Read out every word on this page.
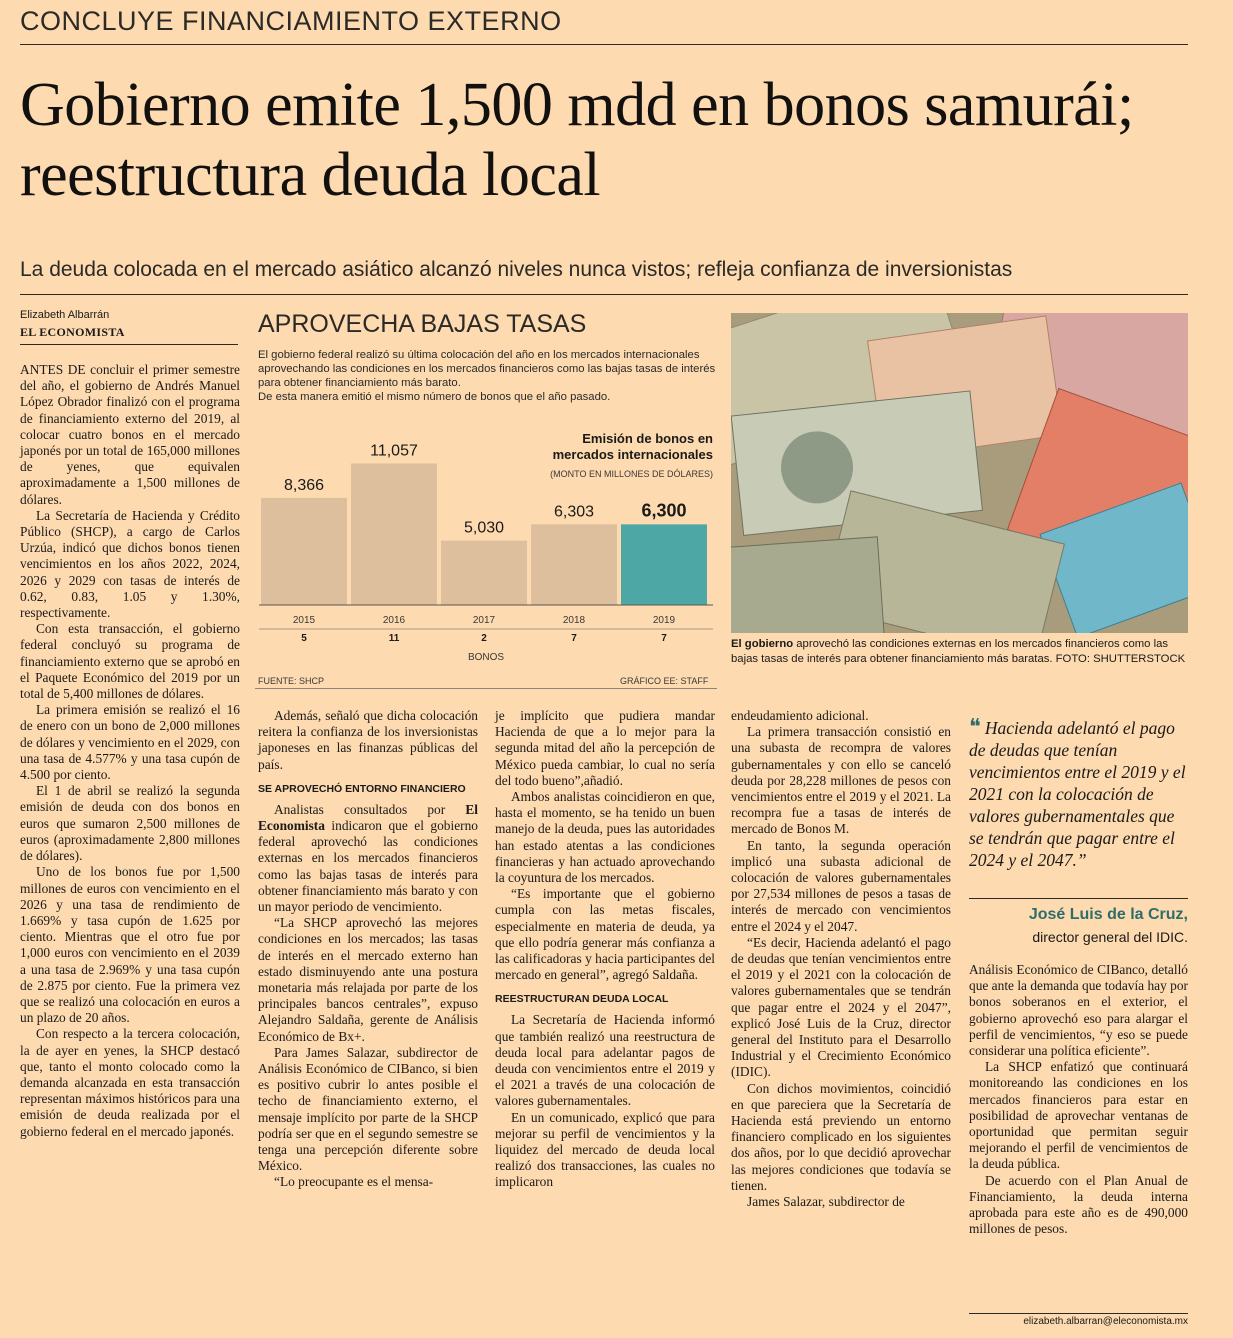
CONCLUYE FINANCIAMIENTO EXTERNO
Gobierno emite 1,500 mdd en bonos samurái; reestructura deuda local
La deuda colocada en el mercado asiático alcanzó niveles nunca vistos; refleja confianza de inversionistas
Elizabeth Albarrán
EL ECONOMISTA

ANTES DE concluir el primer semestre del año, el gobierno de Andrés Manuel López Obrador finalizó con el programa de financiamiento externo del 2019, al colocar cuatro bonos en el mercado japonés por un total de 165,000 millones de yenes, que equivalen aproximadamente a 1,500 millones de dólares.

La Secretaría de Hacienda y Crédito Público (SHCP), a cargo de Carlos Urzúa, indicó que dichos bonos tienen vencimientos en los años 2022, 2024, 2026 y 2029 con tasas de interés de 0.62, 0.83, 1.05 y 1.30%, respectivamente.

Con esta transacción, el gobierno federal concluyó su programa de financiamiento externo que se aprobó en el Paquete Económico del 2019 por un total de 5,400 millones de dólares.

La primera emisión se realizó el 16 de enero con un bono de 2,000 millones de dólares y vencimiento en el 2029, con una tasa de 4.577% y una tasa cupón de 4.500 por ciento.

El 1 de abril se realizó la segunda emisión de deuda con dos bonos en euros que sumaron 2,500 millones de euros (aproximadamente 2,800 millones de dólares).

Uno de los bonos fue por 1,500 millones de euros con vencimiento en el 2026 y una tasa de rendimiento de 1.669% y tasa cupón de 1.625 por ciento. Mientras que el otro fue por 1,000 euros con vencimiento en el 2039 a una tasa de 2.969% y una tasa cupón de 2.875 por ciento. Fue la primera vez que se realizó una colocación en euros a un plazo de 20 años.

Con respecto a la tercera colocación, la de ayer en yenes, la SHCP destacó que, tanto el monto colocado como la demanda alcanzada en esta transacción representan máximos históricos para una emisión de deuda realizada por el gobierno federal en el mercado japonés.

APROVECHA BAJAS TASAS
El gobierno federal realizó su última colocación del año en los mercados internacionales aprovechando las condiciones en los mercados financieros como las bajas tasas de interés para obtener financiamiento más barato.
De esta manera emitió el mismo número de bonos que el año pasado.
8,366
2015
5
11,057
2016
11
5,030
2017
2
6,303
2018
7
6,300
2019
7
BONOS
Emisión de bonos en mercados internacionales
(MONTO EN MILLONES DE DÓLARES)
FUENTE: SHCP	GRÁFICO EE: STAFF
El gobierno aprovechó las condiciones externas en los mercados financieros como las bajas tasas de interés para obtener financiamiento más baratas. FOTO: SHUTTERSTOCK

Además, señaló que dicha colocación reitera la confianza de los inversionistas japoneses en las finanzas públicas del país.

SE APROVECHÓ ENTORNO FINANCIERO

Analistas consultados por El Economista indicaron que el gobierno federal aprovechó las condiciones externas en los mercados financieros como las bajas tasas de interés para obtener financiamiento más barato y con un mayor periodo de vencimiento.

“La SHCP aprovechó las mejores condiciones en los mercados; las tasas de interés en el mercado externo han estado disminuyendo ante una postura monetaria más relajada por parte de los principales bancos centrales”, expuso Alejandro Saldaña, gerente de Análisis Económico de Bx+.

Para James Salazar, subdirector de Análisis Económico de CIBanco, si bien es positivo cubrir lo antes posible el techo de financiamiento externo, el mensaje implícito por parte de la SHCP podría ser que en el segundo semestre se tenga una percepción diferente sobre México.

“Lo preocupante es el mensa-

je implícito que pudiera mandar Hacienda de que a lo mejor para la segunda mitad del año la percepción de México pueda cambiar, lo cual no sería del todo bueno”,añadió.

Ambos analistas coincidieron en que, hasta el momento, se ha tenido un buen manejo de la deuda, pues las autoridades han estado atentas a las condiciones financieras y han actuado aprovechando la coyuntura de los mercados.

“Es importante que el gobierno cumpla con las metas fiscales, especialmente en materia de deuda, ya que ello podría generar más confianza a las calificadoras y hacia participantes del mercado en general”, agregó Saldaña.

REESTRUCTURAN DEUDA LOCAL

La Secretaría de Hacienda informó que también realizó una reestructura de deuda local para adelantar pagos de deuda con vencimientos entre el 2019 y el 2021 a través de una colocación de valores gubernamentales.

En un comunicado, explicó que para mejorar su perfil de vencimientos y la liquidez del mercado de deuda local realizó dos transacciones, las cuales no implicaron

endeudamiento adicional.

La primera transacción consistió en una subasta de recompra de valores gubernamentales y con ello se canceló deuda por 28,228 millones de pesos con vencimientos entre el 2019 y el 2021. La recompra fue a tasas de interés de mercado de Bonos M.

En tanto, la segunda operación implicó una subasta adicional de colocación de valores gubernamentales por 27,534 millones de pesos a tasas de interés de mercado con vencimientos entre el 2024 y el 2047.

“Es decir, Hacienda adelantó el pago de deudas que tenían vencimientos entre el 2019 y el 2021 con la colocación de valores gubernamentales que se tendrán que pagar entre el 2024 y el 2047”, explicó José Luis de la Cruz, director general del Instituto para el Desarrollo Industrial y el Crecimiento Económico (IDIC).

Con dichos movimientos, coincidió en que pareciera que la Secretaría de Hacienda está previendo un entorno financiero complicado en los siguientes dos años, por lo que decidió aprovechar las mejores condiciones que todavía se tienen.

James Salazar, subdirector de

❝ Hacienda adelantó el pago de deudas que tenían vencimientos entre el 2019 y el 2021 con la colocación de valores gubernamentales que se tendrán que pagar entre el 2024 y el 2047.”
José Luis de la Cruz,
director general del IDIC.

Análisis Económico de CIBanco, detalló que ante la demanda que todavía hay por bonos soberanos en el exterior, el gobierno aprovechó eso para alargar el perfil de vencimientos, “y eso se puede considerar una política eficiente”.

La SHCP enfatizó que continuará monitoreando las condiciones en los mercados financieros para estar en posibilidad de aprovechar ventanas de oportunidad que permitan seguir mejorando el perfil de vencimientos de la deuda pública.

De acuerdo con el Plan Anual de Financiamiento, la deuda interna aprobada para este año es de 490,000 millones de pesos.

elizabeth.albarran@eleconomista.mx
